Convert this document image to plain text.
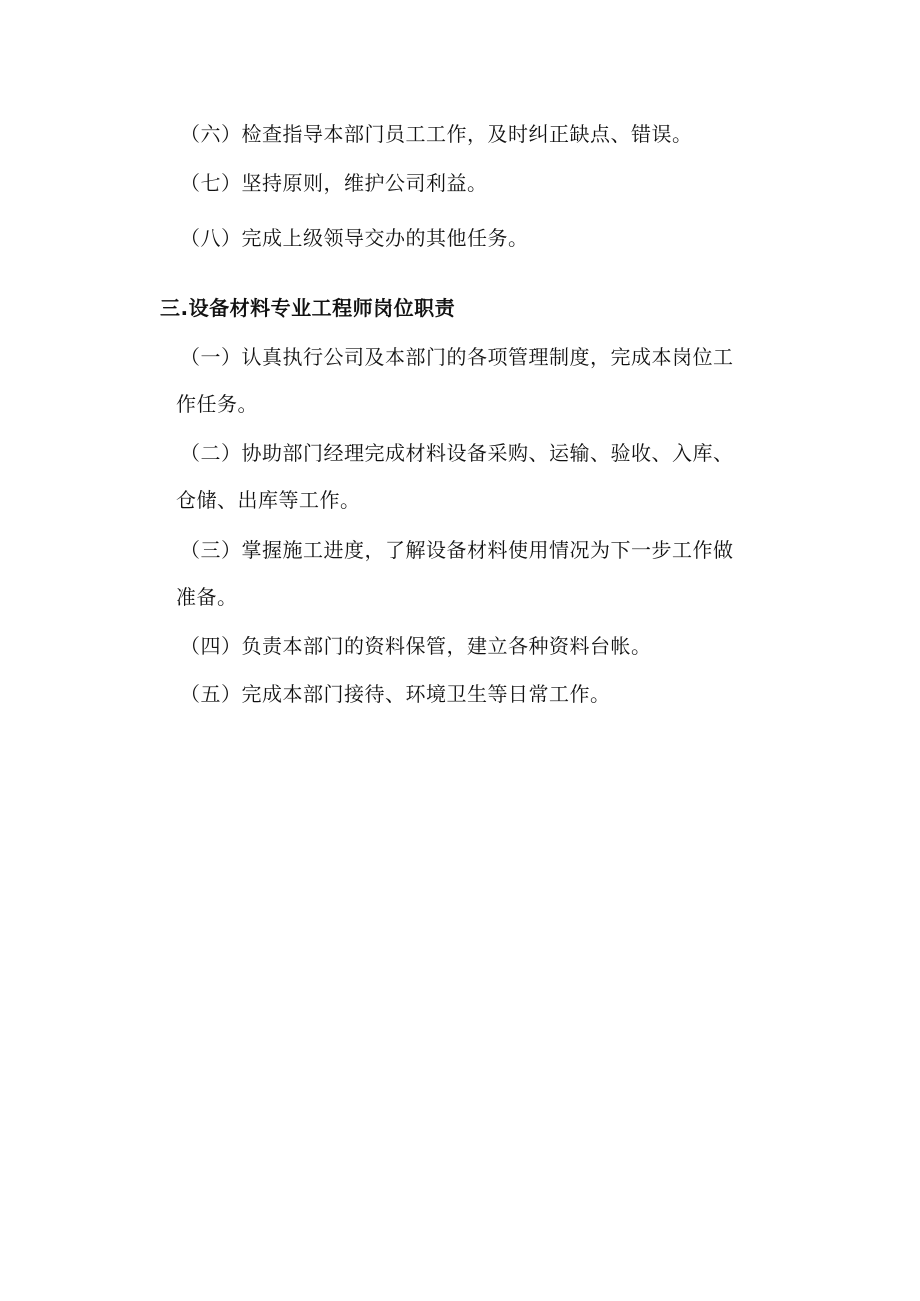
（六）检查指导本部门员工工作，及时纠正缺点、错误。
（七）坚持原则，维护公司利益。
（八）完成上级领导交办的其他任务。
三.设备材料专业工程师岗位职责
（一）认真执行公司及本部门的各项管理制度，完成本岗位工
作任务。
（二）协助部门经理完成材料设备采购、运输、验收、入库、
仓储、出库等工作。
（三）掌握施工进度，了解设备材料使用情况为下一步工作做
准备。
（四）负责本部门的资料保管，建立各种资料台帐。
（五）完成本部门接待、环境卫生等日常工作。
